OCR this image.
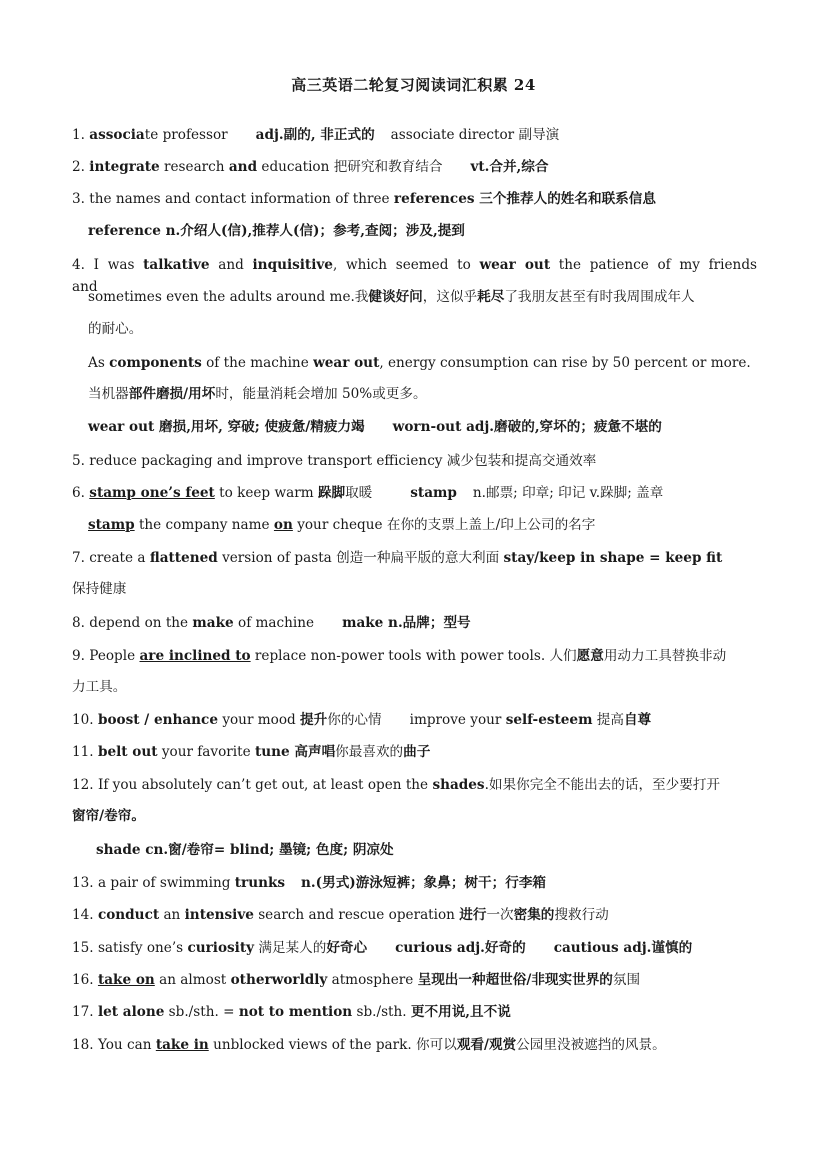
高三英语二轮复习阅读词汇积累 24
1. associate professor adj.副的, 非正式的 associate director 副导演
2. integrate research and education 把研究和教育结合 vt.合并,综合
3. the names and contact information of three references 三个推荐人的姓名和联系信息
reference n.介绍人(信),推荐人(信)；参考,查阅；涉及,提到
4. I was talkative and inquisitive, which seemed to wear out the patience of my friends and
sometimes even the adults around me.我健谈好问，这似乎耗尽了我朋友甚至有时我周围成年人
的耐心。
As components of the machine wear out, energy consumption can rise by 50 percent or more.
当机器部件磨损/用坏时，能量消耗会增加 50%或更多。
wear out 磨损,用坏, 穿破; 使疲惫/精疲力竭 worn-out adj.磨破的,穿坏的；疲惫不堪的
5. reduce packaging and improve transport efficiency 减少包装和提高交通效率
6. stamp one’s feet to keep warm 跺脚取暖	stamp n.邮票; 印章; 印记 v.跺脚; 盖章
stamp the company name on your cheque 在你的支票上盖上/印上公司的名字
7. create a flattened version of pasta 创造一种扁平版的意大利面 stay/keep in shape = keep fit
保持健康
8. depend on the make of machine make n.品牌；型号
9. People are inclined to replace non-power tools with power tools. 人们愿意用动力工具替换非动
力工具。
10. boost / enhance your mood 提升你的心情 improve your self-esteem 提高自尊
11. belt out your favorite tune 高声唱你最喜欢的曲子
12. If you absolutely can’t get out, at least open the shades.如果你完全不能出去的话，至少要打开
窗帘/卷帘。
shade cn.窗/卷帘= blind; 墨镜; 色度; 阴凉处
13. a pair of swimming trunks n.(男式)游泳短裤；象鼻；树干；行李箱
14. conduct an intensive search and rescue operation 进行一次密集的搜救行动
15. satisfy one’s curiosity 满足某人的好奇心 curious adj.好奇的 cautious adj.谨慎的
16. take on an almost otherworldly atmosphere 呈现出一种超世俗/非现实世界的氛围
17. let alone sb./sth. = not to mention sb./sth. 更不用说,且不说
18. You can take in unblocked views of the park. 你可以观看/观赏公园里没被遮挡的风景。
